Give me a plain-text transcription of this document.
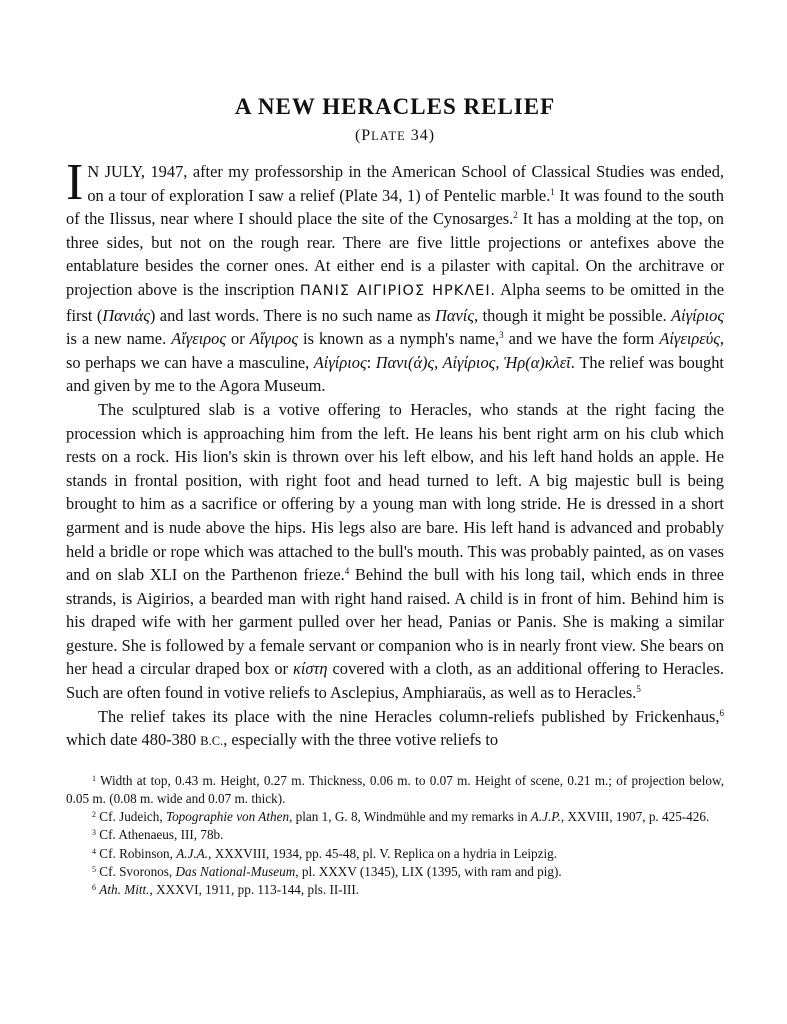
A NEW HERACLES RELIEF
(PLATE 34)

I N JULY, 1947, after my professorship in the American School of Classical Studies was ended, on a tour of exploration I saw a relief (Plate 34, 1) of Pentelic marble.$^1$ It was found to the south of the Ilissus, near where I should place the site of the Cynosarges.$^2$ It has a molding at the top, on three sides, but not on the rough rear. There are five little projections or antefixes above the entablature besides the corner ones. At either end is a pilaster with capital. On the architrave or projection above is the inscription ΠΑΝΙΣ ΑΙΓΙΡΙΟΣ ΗΡΚΛΕΙ. Alpha seems to be omitted in the first (Πανιάς) and last words. There is no such name as Πανίς, though it might be possible. Αἰγίριος is a new name. Αἴγειρος or Αἴγιρος is known as a nymph's name,$^3$ and we have the form Αἰγειρεύς, so perhaps we can have a masculine, Αἰγίριος: Πανι(ά)ς, Αἰγίριος, Ἡρ(α)κλεῖ. The relief was bought and given by me to the Agora Museum.

The sculptured slab is a votive offering to Heracles, who stands at the right facing the procession which is approaching him from the left. He leans his bent right arm on his club which rests on a rock. His lion's skin is thrown over his left elbow, and his left hand holds an apple. He stands in frontal position, with right foot and head turned to left. A big majestic bull is being brought to him as a sacrifice or offering by a young man with long stride. He is dressed in a short garment and is nude above the hips. His legs also are bare. His left hand is advanced and probably held a bridle or rope which was attached to the bull's mouth. This was probably painted, as on vases and on slab XLI on the Parthenon frieze.$^4$ Behind the bull with his long tail, which ends in three strands, is Aigirios, a bearded man with right hand raised. A child is in front of him. Behind him is his draped wife with her garment pulled over her head, Panias or Panis. She is making a similar gesture. She is followed by a female servant or companion who is in nearly front view. She bears on her head a circular draped box or κίστη covered with a cloth, as an additional offering to Heracles. Such are often found in votive reliefs to Asclepius, Amphiaraüs, as well as to Heracles.$^5$

The relief takes its place with the nine Heracles column-reliefs published by Frickenhaus,$^6$ which date 480-380 B.C., especially with the three votive reliefs to

$^1$ Width at top, 0.43 m. Height, 0.27 m. Thickness, 0.06 m. to 0.07 m. Height of scene, 0.21 m.; of projection below, 0.05 m. (0.08 m. wide and 0.07 m. thick).

$^2$ Cf. Judeich, Topographie von Athen, plan 1, G. 8, Windmühle and my remarks in A.J.P., XXVIII, 1907, p. 425-426.

$^3$ Cf. Athenaeus, III, 78b.

$^4$ Cf. Robinson, A.J.A., XXXVIII, 1934, pp. 45-48, pl. V. Replica on a hydria in Leipzig.

$^5$ Cf. Svoronos, Das National-Museum, pl. XXXV (1345), LIX (1395, with ram and pig).

$^6$ Ath. Mitt., XXXVI, 1911, pp. 113-144, pls. II-III.
